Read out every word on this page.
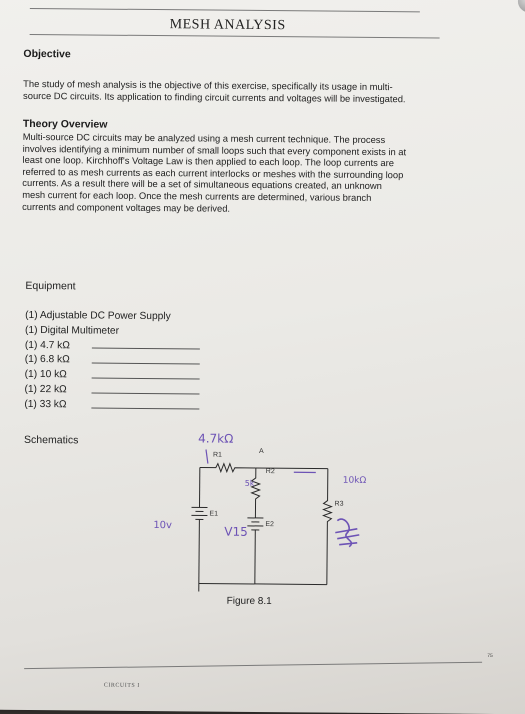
MESH ANALYSIS
Objective
The study of mesh analysis is the objective of this exercise, specifically its usage in multi-
source DC circuits. Its application to finding circuit currents and voltages will be investigated.
Theory Overview
Multi-source DC circuits may be analyzed using a mesh current technique. The process
involves identifying a minimum number of small loops such that every component exists in at
least one loop. Kirchhoff's Voltage Law is then applied to each loop. The loop currents are
referred to as mesh currents as each current interlocks or meshes with the surrounding loop
currents. As a result there will be a set of simultaneous equations created, an unknown
mesh current for each loop. Once the mesh currents are determined, various branch
currents and component voltages may be derived.
Equipment
(1) Adjustable DC Power Supply
(1) Digital Multimeter
(1) 4.7 kΩ
(1) 6.8 kΩ
(1) 10 kΩ
(1) 22 kΩ
(1) 33 kΩ
Schematics
R1
R2
R3
E1
E2
A
4.7kΩ
5k	10kΩ
10v	V15
Figure 8.1
75
CIRCUITS I
